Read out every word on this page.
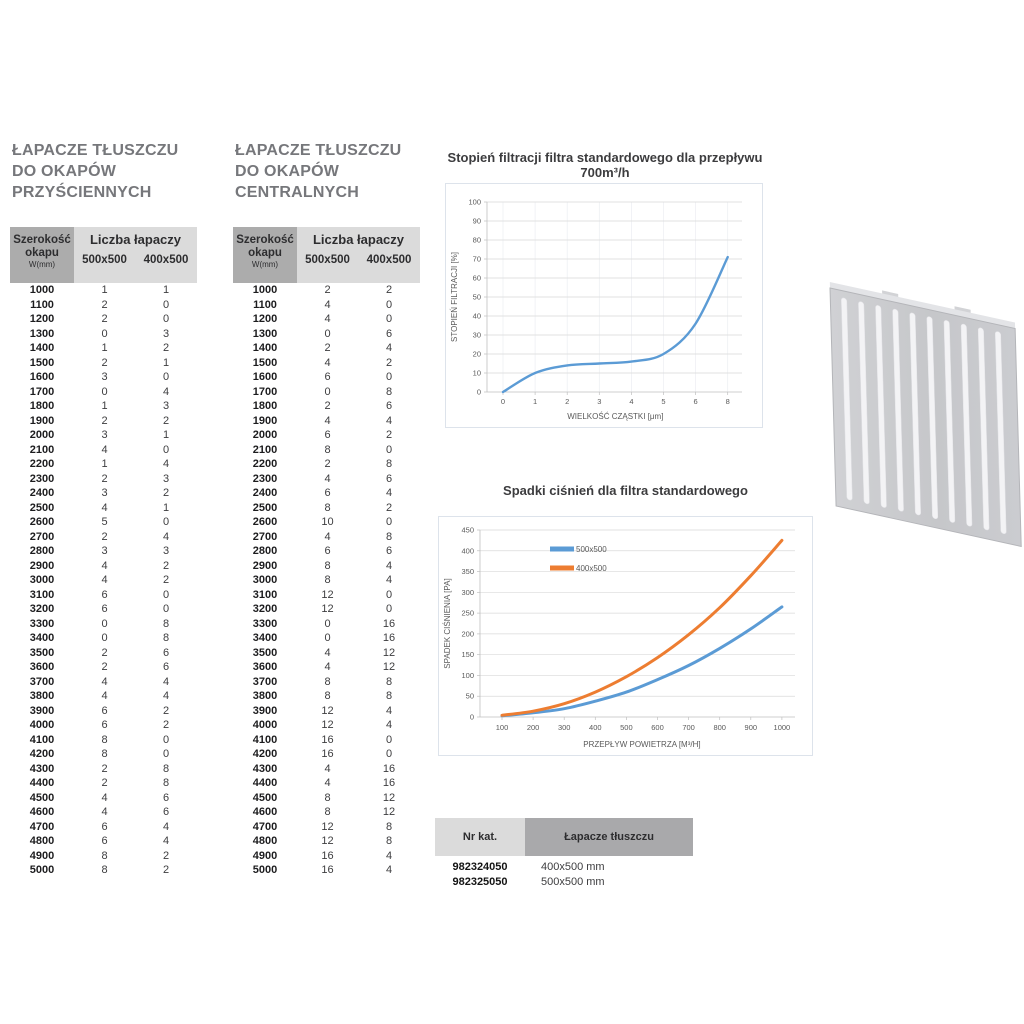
ŁAPACZE TŁUSZCZU
DO OKAPÓW
PRZYŚCIENNYCH
Szerokość
okapu
W(mm)
Liczba łapaczy
500x500	400x500
1000	1	1
1100	2	0
1200	2	0
1300	0	3
1400	1	2
1500	2	1
1600	3	0
1700	0	4
1800	1	3
1900	2	2
2000	3	1
2100	4	0
2200	1	4
2300	2	3
2400	3	2
2500	4	1
2600	5	0
2700	2	4
2800	3	3
2900	4	2
3000	4	2
3100	6	0
3200	6	0
3300	0	8
3400	0	8
3500	2	6
3600	2	6
3700	4	4
3800	4	4
3900	6	2
4000	6	2
4100	8	0
4200	8	0
4300	2	8
4400	2	8
4500	4	6
4600	4	6
4700	6	4
4800	6	4
4900	8	2
5000	8	2
ŁAPACZE TŁUSZCZU
DO OKAPÓW
CENTRALNYCH
Szerokość
okapu
W(mm)
Liczba łapaczy
500x500	400x500
1000	2	2
1100	4	0
1200	4	0
1300	0	6
1400	2	4
1500	4	2
1600	6	0
1700	0	8
1800	2	6
1900	4	4
2000	6	2
2100	8	0
2200	2	8
2300	4	6
2400	6	4
2500	8	2
2600	10	0
2700	4	8
2800	6	6
2900	8	4
3000	8	4
3100	12	0
3200	12	0
3300	0	16
3400	0	16
3500	4	12
3600	4	12
3700	8	8
3800	8	8
3900	12	4
4000	12	4
4100	16	0
4200	16	0
4300	4	16
4400	4	16
4500	8	12
4600	8	12
4700	12	8
4800	12	8
4900	16	4
5000	16	4
Stopień filtracji filtra standardowego dla przepływu 700m³/h
0
10
20
30
40
50
60
70
80
90
100
0	1	2	3	4	5	6	8
WIELKOŚĆ CZĄSTKI [μm]
STOPIEŃ FILTRACJI [%]
Spadki ciśnień dla filtra standardowego
0
50
100
150
200
250
300
350
400
450
100 200 300 400 500 600 700 800 900 1000
PRZEPŁYW POWIETRZA [M³/H]
SPADEK CIŚNIENIA [PA]
500x500
400x500
Nr kat.	Łapacze tłuszczu
982324050	400x500 mm
982325050	500x500 mm
